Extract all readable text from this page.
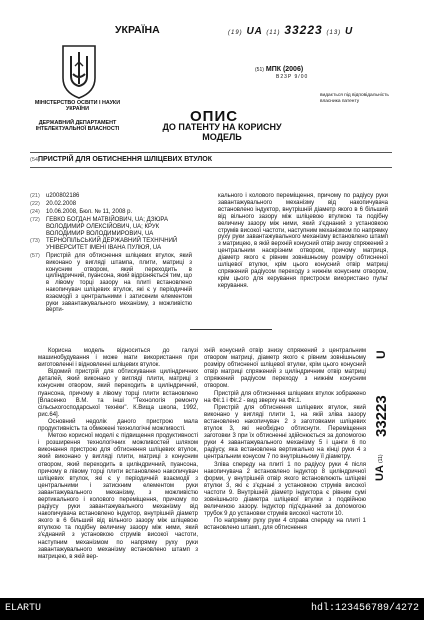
УКРАЇНА	(19) UA (11) 33223 (13) U
(51) МПК (2006)
B23P 9/00
МІНІСТЕРСТВО ОСВІТИ І НАУКИ УКРАЇНИ
ДЕРЖАВНИЙ ДЕПАРТАМЕНТ ІНТЕЛЕКТУАЛЬНОЇ ВЛАСНОСТІ
ОПИС
ДО ПАТЕНТУ НА КОРИСНУ МОДЕЛЬ
видається під відповідальність власника патенту
(54)
ПРИСТРІЙ ДЛЯ ОБТИСНЕННЯ ШЛІЦЕВИХ ВТУЛОК
(21) u200802186
(22) 20.02.2008
(24) 10.06.2008, Бюл. № 11, 2008 р.
(72) ГЕВКО БОГДАН МАТВІЙОВИЧ, UA; ДЗЮРА ВОЛОДИМИР ОЛЕКСІЙОВИЧ, UA; КРУК ВОЛОДИМИР ВОЛОДИМИРОВИЧ, UA
(73) ТЕРНОПІЛЬСЬКИЙ ДЕРЖАВНИЙ ТЕХНІЧНИЙ УНІВЕРСИТЕТ ІМЕНІ ІВАНА ПУЛЮЯ, UA
(57) Пристрій для обтиснення шліцевих втулок, який виконано у вигляді штампа, плити, матриці з конусним отвором, який переходить в циліндричний, пуансона, який відрізняється тим, що в лівому торці зазору на плиті встановлено накопичувач шліцевих втулок, які є у періодичній взаємодії з центральними і затискним елементом руки завантажувального механізму, з можливістю верти-

кального і колового переміщення, причому по радіусу руки завантажувального механізму від накопичувача встановлено індуктор, внутрішній діаметр якого в 6 більший від вільного зазору між шліцевою втулкою та подібну величину зазору між ними, який з'єднаний з установкою струмів високої частоти, наступним механізмом по напрямку руху руки завантажувального механізму встановлено штамп з матрицею, в якій верхній конусний отвір знизу спряжений з центральним наскрізним отвором, причому матриця, діаметр якого є рівним зовнішньому розміру обтисненої шліцевої втулки, крім цього конусний отвір матриці спряжений радіусом переходу з нижнім конусним отвором, крім цього для керування пристроєм використано пульт керування.

Корисна модель відноситься до галузі машинобудування і може мати використання при виготовленні і відновленні шліцевих втулок.

Відомий пристрій для обтискування циліндричних деталей, який виконано у вигляді плити, матриці з конусним отвором, який переходить в циліндричний, пуансона, причому в лівому торці плити встановлено [Власенко В.М. та інші "Технологія ремонту сільськогосподарської техніки". К.Вища школа, 1992, рис.64].

Основний недолік даного пристрою мала продуктивність та обмежені технологічні можливості.

Метою корисної моделі є підвищення продуктивності і розширення технологічних можливостей шляхом виконання пристрою для обтиснення шліцевих втулок, який виконано у вигляді плити, матриці з конусним отвором, який переходить в циліндричний, пуансона, причому в лівому торці плити встановлено накопичувач шліцевих втулок, які є у періодичній взаємодії з центральними і затискним елементом руки завантажувального механізму, з можливістю вертикального і колового переміщення, причому по радіусу руки завантажувального механізму від накопичувача встановлено індуктор, внутрішній діаметр якого в 6 більший від вільного зазору між шліцевою втулкою та подібну величину зазору між ними, який з'єднаний з установкою струмів високої частоти, наступним механізмом по напрямку руху руки завантажувального механізму встановлено штамп з матрицею, в якій вер-

хній конусний отвір знизу спряжений з центральним отвором матриці, діаметр якого є рівним зовнішньому розміру обтисненої шліцевої втулки, крім цього конусний отвір матриці спряжений з циліндричним отвір матриці спряжений радіусом переходу з нижнім конусним отвором.

Пристрій для обтиснення шліцевих втулок зображено на Фіг.1 і Фіг.2 - вид зверху на Фіг.1.

Пристрій для обтиснення шліцевих втулок, який виконано у вигляді плити 1, на якій зліва зазору встановлено накопичувач 2 з заготовками шліцевих втулок 3, які необхідно обтиснути. Переміщення заготовки 3 при їх обтисненні здійснюється за допомогою руки 4 завантажувального механізму 5 і цанги 6 по радіусу, яка встановлена вертикально на кінці руки 4 з центральним конусом 7 по внутрішньому її діаметру.

Зліва спереду на плиті 1 по радіусу руки 4 після накопичувача 2 встановлено індуктор 8 циліндричної форми, у внутрішній отвір якого встановлюють шліцеві втулки 3, які є з'єднані з установкою струмів високої частоти 9. Внутрішній діаметр індуктора є рівним сумі зовнішнього діаметра шліцевої втулки з подвійною величиною зазору. Індуктор під'єднаний за допомогою трубок 9 до установки струмів високої частоти 10.

По напрямку руху руки 4 справа спереду на плиті 1 встановлено штамп, для обтиснення

U
33223
(11)
UA
ELARTU	hdl:123456789/4272
